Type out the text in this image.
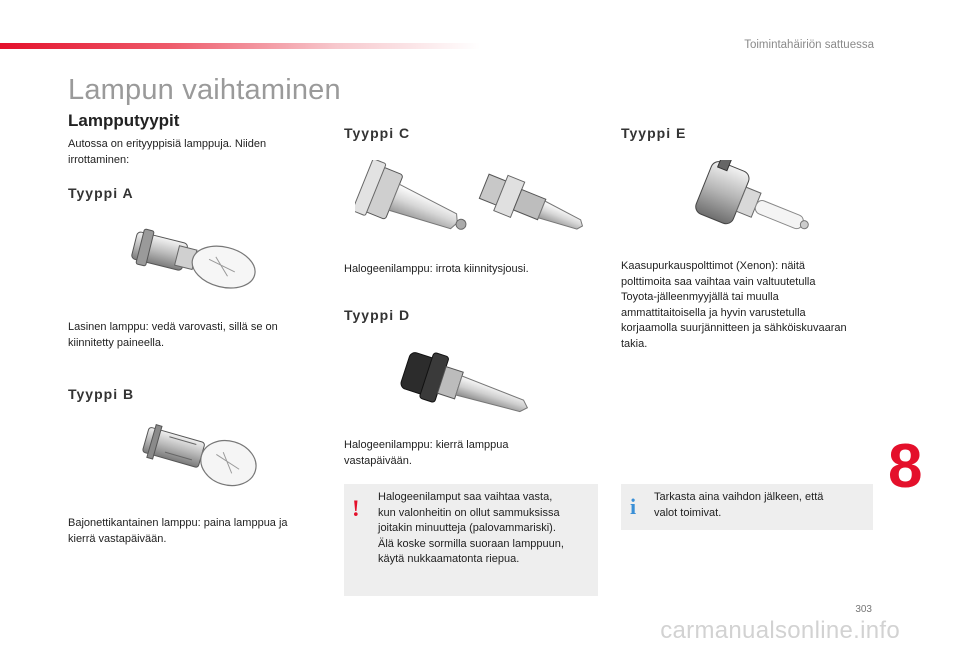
Toimintahäiriön sattuessa
Lampun vaihtaminen
Lampputyypit
Autossa on erityyppisiä lamppuja. Niiden
irrottaminen:
Tyyppi A
Lasinen lamppu: vedä varovasti, sillä se on
kiinnitetty paineella.
Tyyppi B
Bajonettikantainen lamppu: paina lamppua ja
kierrä vastapäivään.
Tyyppi C
Halogeenilamppu: irrota kiinnitysjousi.
Tyyppi D
Halogeenilamppu: kierrä lamppua
vastapäivään.
! Halogeenilamput saa vaihtaa vasta,
kun valonheitin on ollut sammuksissa
joitakin minuutteja (palovammariski).
Älä koske sormilla suoraan lamppuun,
käytä nukkaamatonta riepua.
Tyyppi E
Kaasupurkauspolttimot (Xenon): näitä
polttimoita saa vaihtaa vain valtuutetulla
Toyota-jälleenmyyjällä tai muulla
ammattitaitoisella ja hyvin varustetulla
korjaamolla suurjännitteen ja sähköiskuvaaran
takia.
i Tarkasta aina vaihdon jälkeen, että
valot toimivat.
8
303
carmanualsonline.info
